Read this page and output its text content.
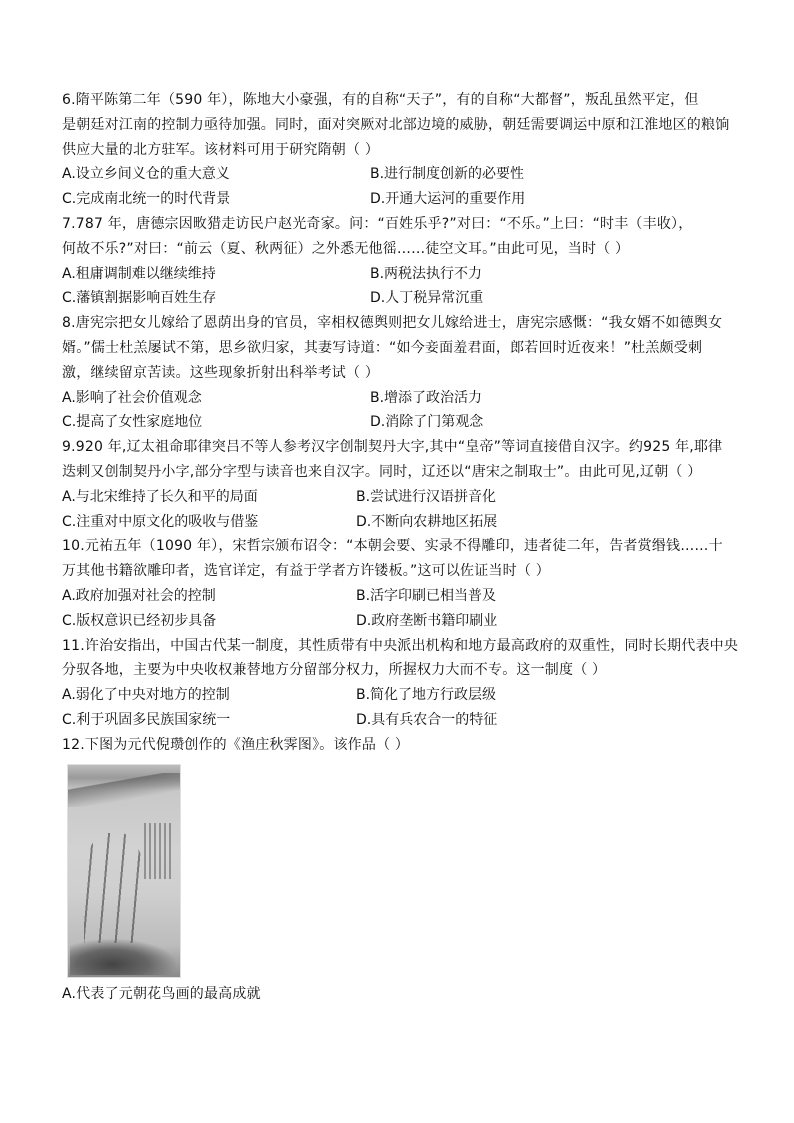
6.隋平陈第二年（590 年），陈地大小豪强，有的自称“天子”，有的自称“大都督”，叛乱虽然平定，但
是朝廷对江南的控制力亟待加强。同时，面对突厥对北部边境的威胁，朝廷需要调运中原和江淮地区的粮饷
供应大量的北方驻军。该材料可用于研究隋朝（ ）
A.设立乡间义仓的重大意义	B.进行制度创新的必要性
C.完成南北统一的时代背景	D.开通大运河的重要作用
7.787 年，唐德宗因畋猎走访民户赵光奇家。问：“百姓乐乎?”对曰：“不乐。”上曰：“时丰（丰收），
何故不乐?”对曰：“前云（夏、秋两征）之外悉无他徭……徒空文耳。”由此可见，当时（ ）
A.租庸调制难以继续维持	B.两税法执行不力
C.藩镇割据影响百姓生存	D.人丁税异常沉重
8.唐宪宗把女儿嫁给了恩荫出身的官员，宰相权德舆则把女儿嫁给进士，唐宪宗感慨：“我女婿不如德舆女
婿。”儒士杜羔屡试不第，思乡欲归家，其妻写诗道：“如今妾面羞君面，郎若回时近夜来！”杜羔颇受刺
激，继续留京苦读。这些现象折射出科举考试（ ）
A.影响了社会价值观念	B.增添了政治活力
C.提高了女性家庭地位	D.消除了门第观念
9.920 年,辽太祖命耶律突吕不等人参考汉字创制契丹大字,其中“皇帝”等词直接借自汉字。约925 年,耶律
迭剌又创制契丹小字,部分字型与读音也来自汉字。同时，辽还以“唐宋之制取士”。由此可见,辽朝（ ）
A.与北宋维持了长久和平的局面	B.尝试进行汉语拼音化
C.注重对中原文化的吸收与借鉴	D.不断向农耕地区拓展
10.元祐五年（1090 年），宋哲宗颁布诏令：“本朝会要、实录不得雕印，违者徒二年，告者赏缗钱……十
万其他书籍欲雕印者，选官详定，有益于学者方许镂板。”这可以佐证当时（ ）
A.政府加强对社会的控制	B.活字印刷已相当普及
C.版权意识已经初步具备	D.政府垄断书籍印刷业
11.许治安指出，中国古代某一制度，其性质带有中央派出机构和地方最高政府的双重性，同时长期代表中央
分驭各地，主要为中央收权兼替地方分留部分权力，所握权力大而不专。这一制度（ ）
A.弱化了中央对地方的控制	B.简化了地方行政层级
C.利于巩固多民族国家统一	D.具有兵农合一的特征
12.下图为元代倪瓒创作的《渔庄秋霁图》。该作品（ ）
A.代表了元朝花鸟画的最高成就
